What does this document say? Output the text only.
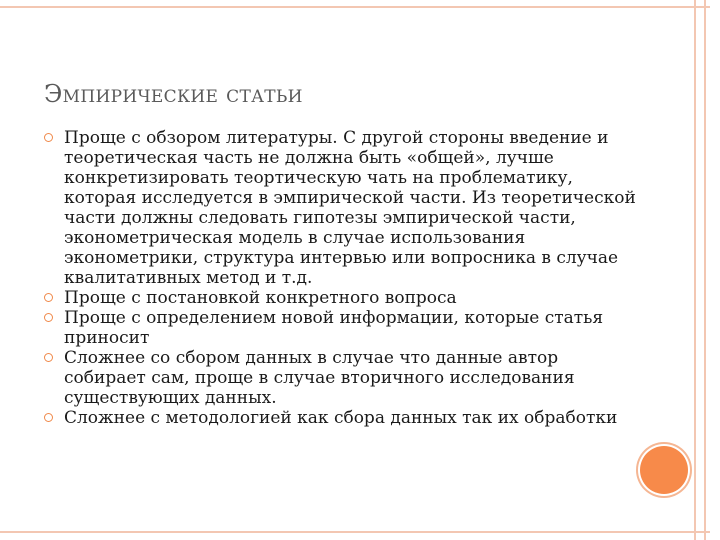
Эмпирические статьи
Проще с обзором литературы. С другой стороны введение и теоретическая часть не должна быть «общей», лучше конкретизировать теортическую чать на проблематику, которая исследуется в эмпирической части. Из теоретической части должны следовать гипотезы эмпирической части, эконометрическая модель в случае использования эконометрики, структура интервью или вопросника в случае квалитативных метод и т.д.
Проще с постановкой конкретного вопроса
Проще с определением новой информации, которые статья приносит
Сложнее со сбором данных в случае что данные автор собирает сам, проще в случае вторичного исследования существующих данных.
Сложнее с методологией как сбора данных так их обработки
